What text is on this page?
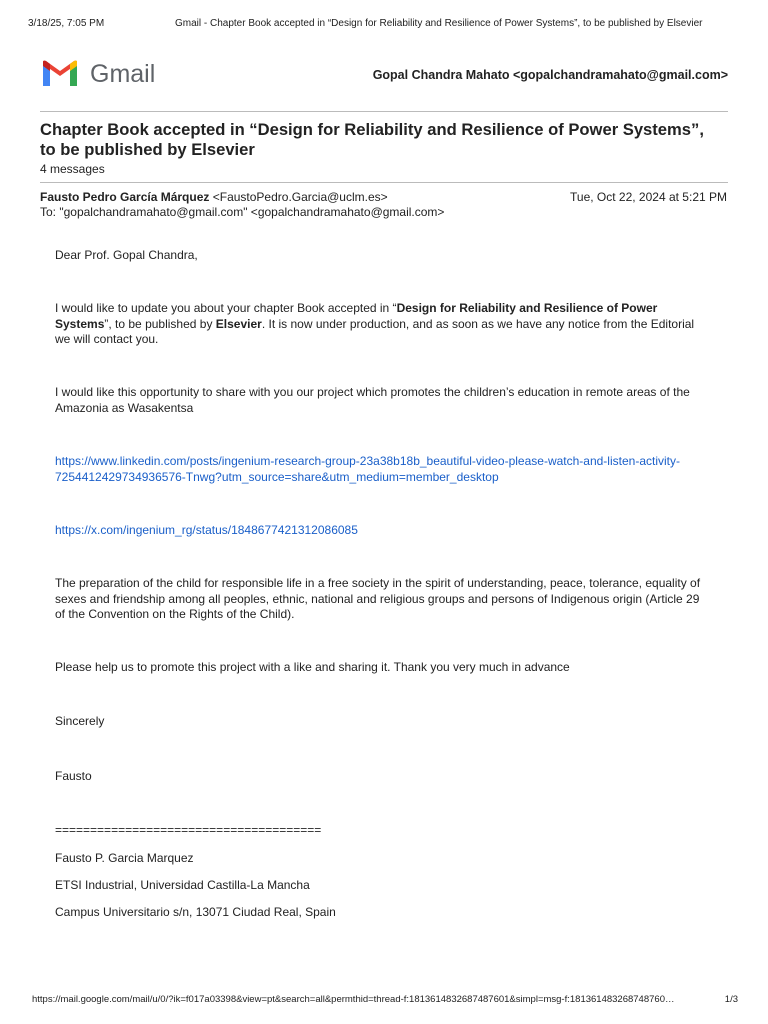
3/18/25, 7:05 PM	Gmail - Chapter Book accepted in “Design for Reliability and Resilience of Power Systems”, to be published by Elsevier
Gmail	Gopal Chandra Mahato <gopalchandramahato@gmail.com>
Chapter Book accepted in “Design for Reliability and Resilience of Power Systems”,
to be published by Elsevier
4 messages
Fausto Pedro García Márquez <FaustoPedro.Garcia@uclm.es>
To: "gopalchandramahato@gmail.com" <gopalchandramahato@gmail.com>
Tue, Oct 22, 2024 at 5:21 PM
Dear Prof. Gopal Chandra,
I would like to update you about your chapter Book accepted in “Design for Reliability and Resilience of Power
Systems”, to be published by Elsevier. It is now under production, and as soon as we have any notice from the Editorial
we will contact you.
I would like this opportunity to share with you our project which promotes the children’s education in remote areas of the
Amazonia as Wasakentsa
https://www.linkedin.com/posts/ingenium-research-group-23a38b18b_beautiful-video-please-watch-and-listen-activity-
7254412429734936576-Tnwg?utm_source=share&utm_medium=member_desktop
https://x.com/ingenium_rg/status/1848677421312086085
The preparation of the child for responsible life in a free society in the spirit of understanding, peace, tolerance, equality of
sexes and friendship among all peoples, ethnic, national and religious groups and persons of Indigenous origin (Article 29
of the Convention on the Rights of the Child).
Please help us to promote this project with a like and sharing it. Thank you very much in advance
Sincerely
Fausto
======================================
Fausto P. Garcia Marquez
ETSI Industrial, Universidad Castilla-La Mancha
Campus Universitario s/n, 13071 Ciudad Real, Spain
https://mail.google.com/mail/u/0/?ik=f017a03398&view=pt&search=all&permthid=thread-f:1813614832687487601&simpl=msg-f:181361483268748760…	1/3
